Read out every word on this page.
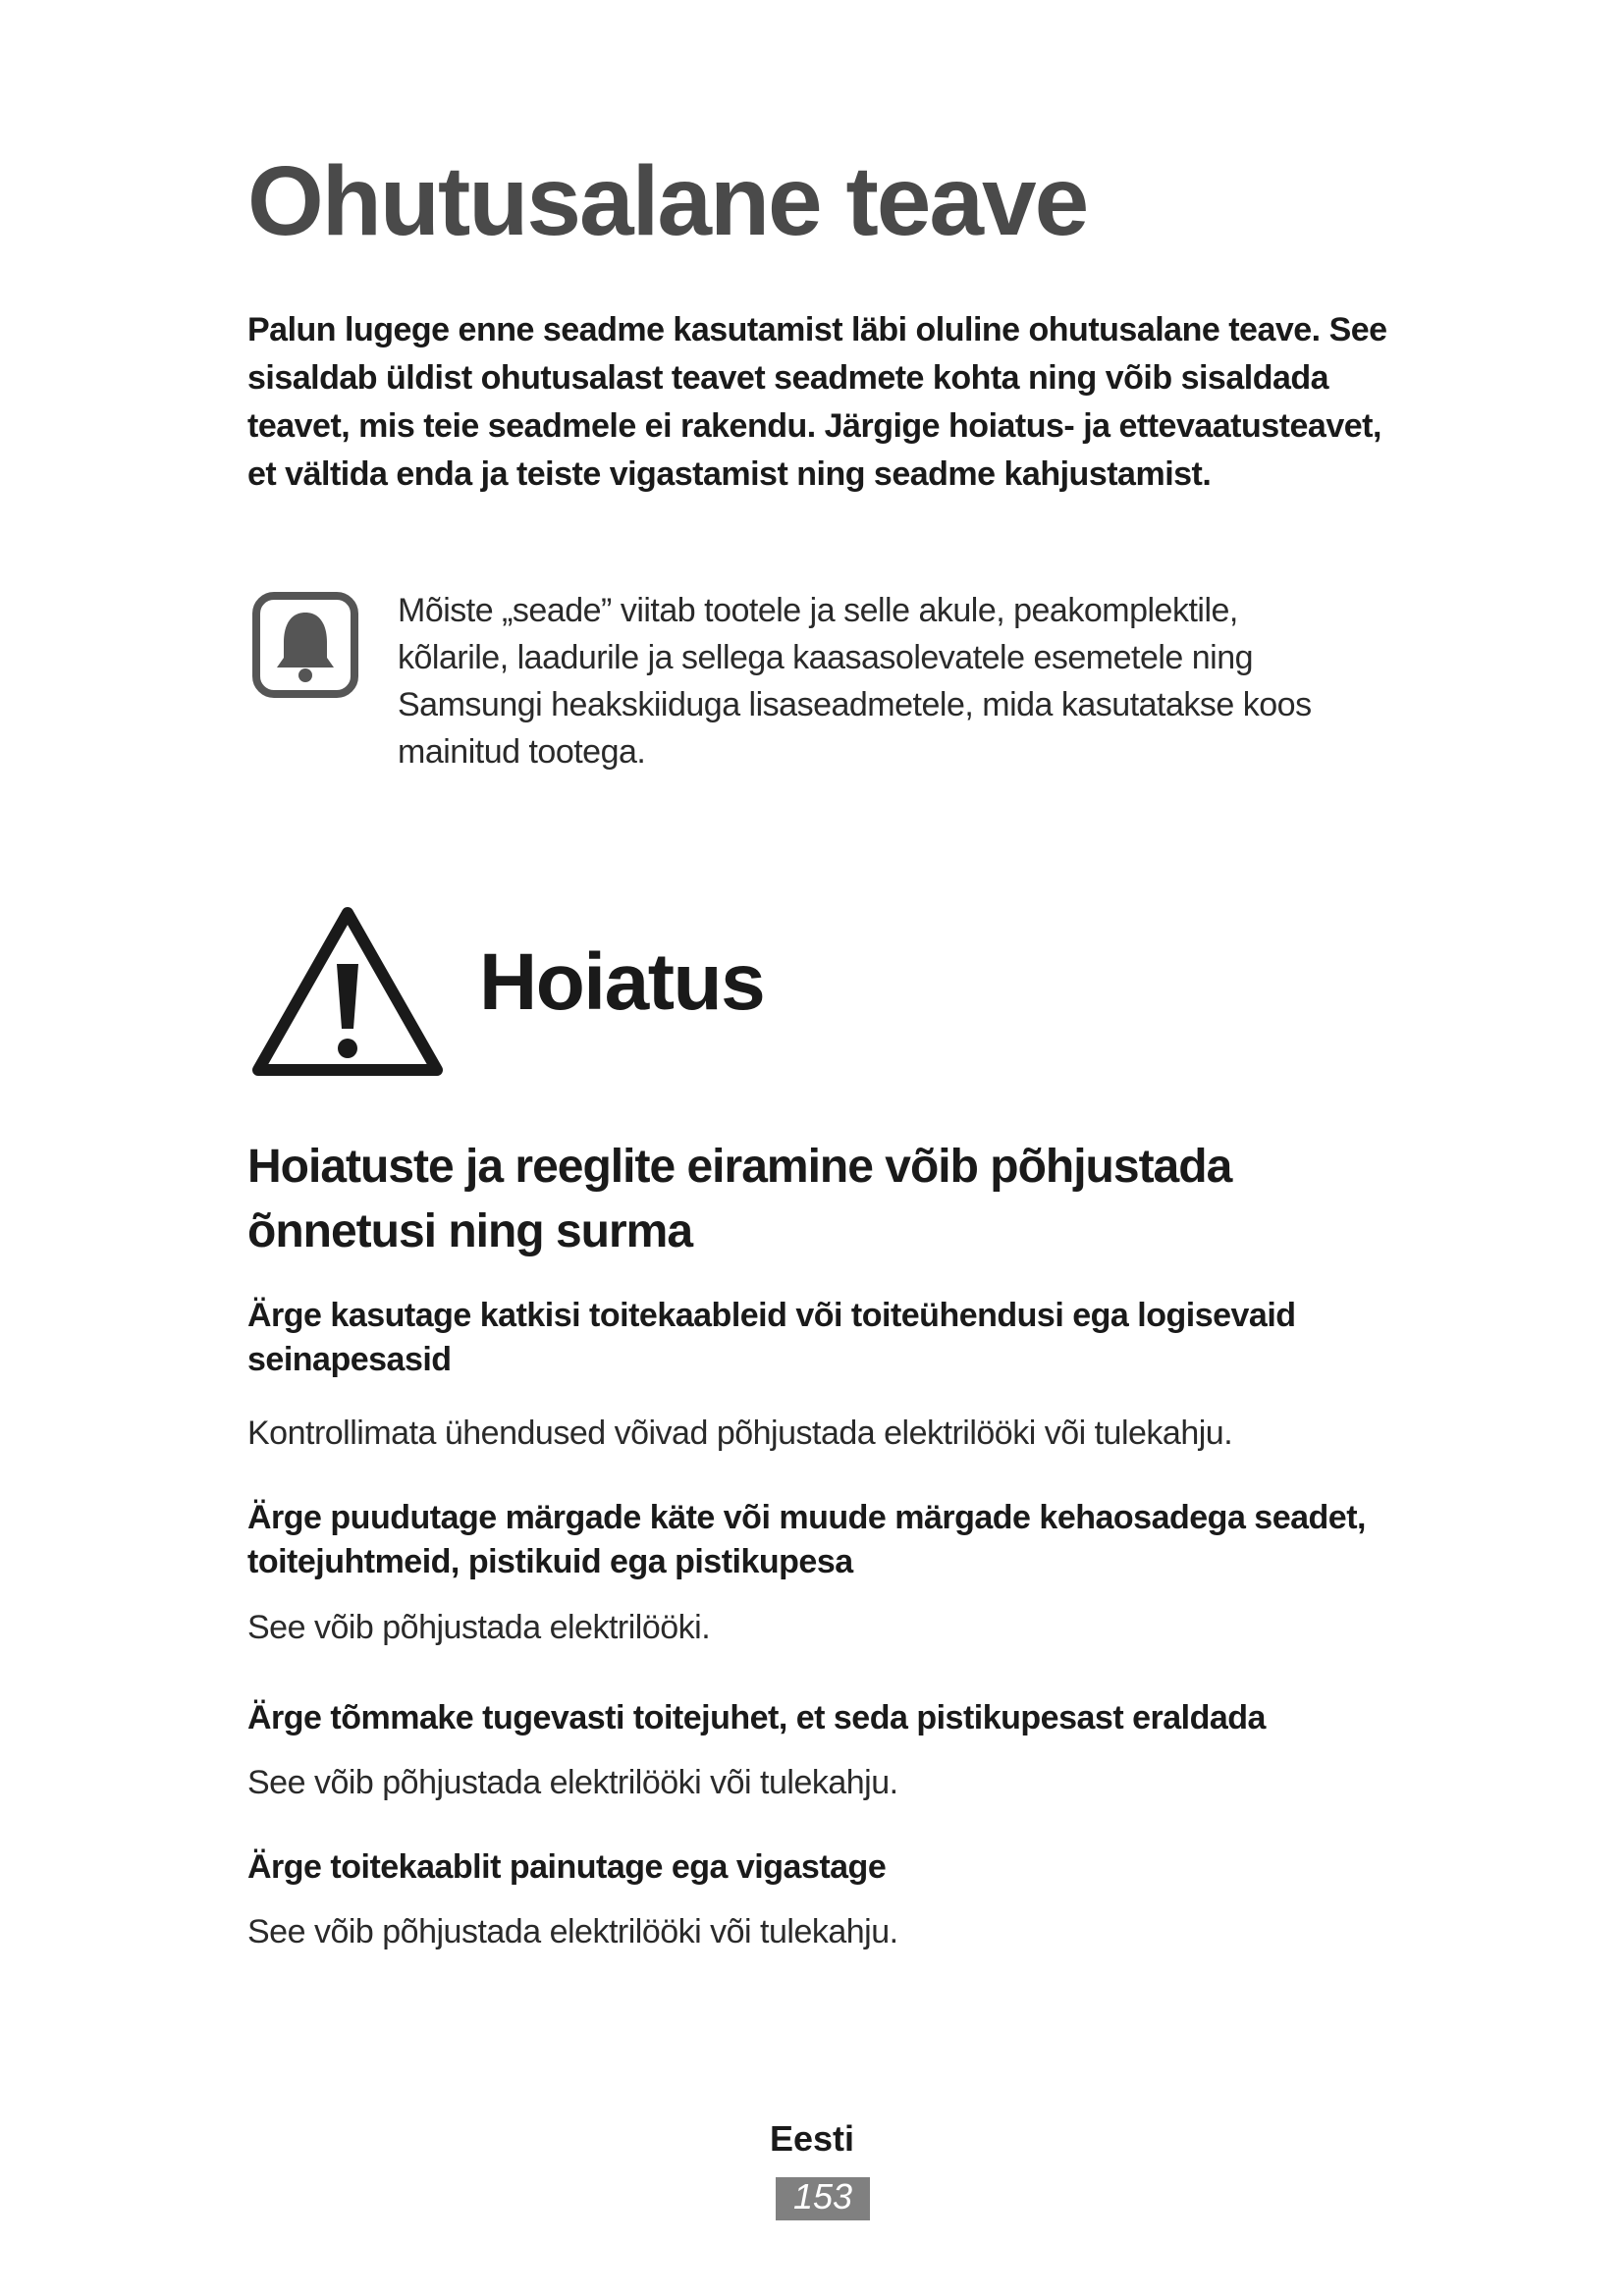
Ohutusalane teave

Palun lugege enne seadme kasutamist läbi oluline ohutusalane teave. See sisaldab üldist ohutusalast teavet seadmete kohta ning võib sisaldada teavet, mis teie seadmele ei rakendu. Järgige hoiatus- ja ettevaatusteavet, et vältida enda ja teiste vigastamist ning seadme kahjustamist.

Mõiste „seade” viitab tootele ja selle akule, peakomplektile, kõlarile, laadurile ja sellega kaasasolevatele esemetele ning Samsungi heakskiiduga lisaseadmetele, mida kasutatakse koos mainitud tootega.

Hoiatus
Hoiatuste ja reeglite eiramine võib põhjustada õnnetusi ning surma
Ärge kasutage katkisi toitekaableid või toiteühendusi ega logisevaid seinapesasid

Kontrollimata ühendused võivad põhjustada elektrilööki või tulekahju.

Ärge puudutage märgade käte või muude märgade kehaosadega seadet, toitejuhtmeid, pistikuid ega pistikupesa

See võib põhjustada elektrilööki.

Ärge tõmmake tugevasti toitejuhet, et seda pistikupesast eraldada

See võib põhjustada elektrilööki või tulekahju.

Ärge toitekaablit painutage ega vigastage

See võib põhjustada elektrilööki või tulekahju.

Eesti

153
